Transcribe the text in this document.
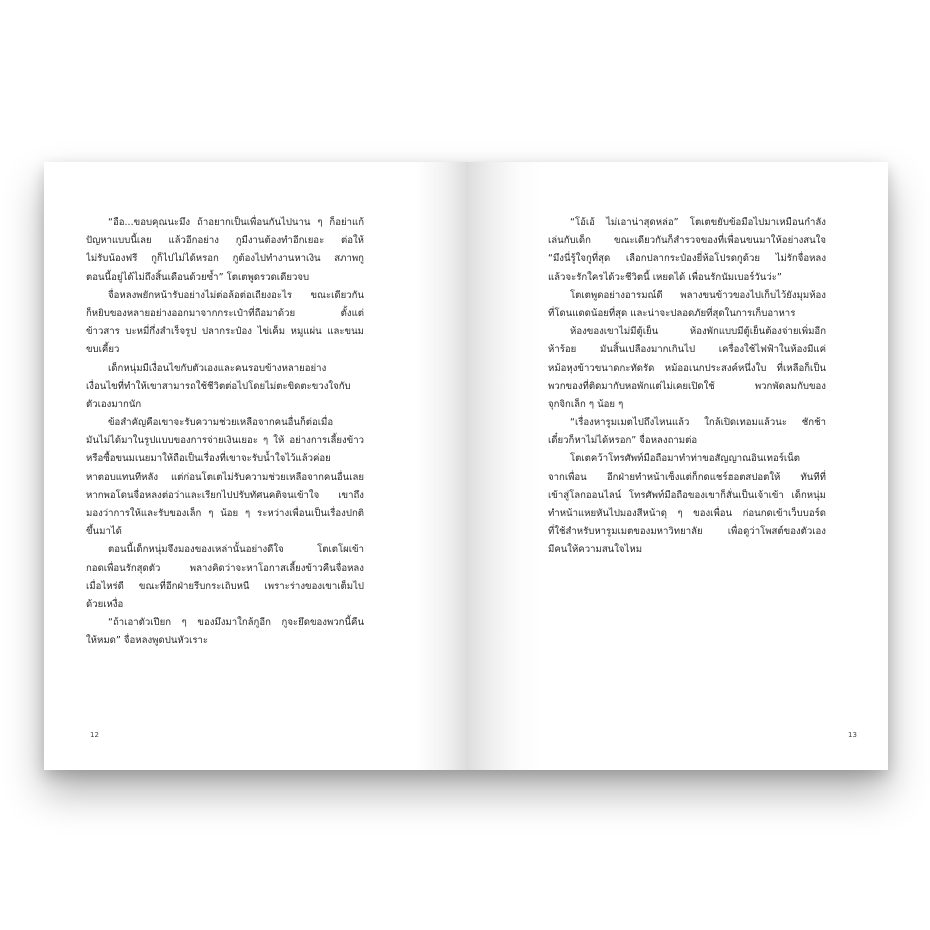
“อือ...ขอบคุณนะมึง ถ้าอยากเป็นเพื่อนกันไปนาน ๆ ก็อย่าแก้
ปัญหาแบบนี้เลย แล้วอีกอย่าง กูมีงานต้องทำอีกเยอะ ต่อให้
ไม่รับน้องฟรี กูก็ไปไม่ได้หรอก กูต้องไปทำงานหาเงิน สภาพกู
ตอนนี้อยู่ได้ไม่ถึงสิ้นเดือนด้วยซ้ำ” โตเตพูดรวดเดียวจบ
จื่อหลงพยักหน้ารับอย่างไม่ต่อล้อต่อเถียงอะไร ขณะเดียวกัน
ก็หยิบของหลายอย่างออกมาจากกระเป๋าที่ถือมาด้วย ตั้งแต่
ข้าวสาร บะหมี่กึ่งสำเร็จรูป ปลากระป๋อง ไข่เค็ม หมูแผ่น และขนม
ขบเคี้ยว
เด็กหนุ่มมีเงื่อนไขกับตัวเองและคนรอบข้างหลายอย่าง
เงื่อนไขที่ทำให้เขาสามารถใช้ชีวิตต่อไปโดยไม่ตะขิดตะขวงใจกับ
ตัวเองมากนัก
ข้อสำคัญคือเขาจะรับความช่วยเหลือจากคนอื่นก็ต่อเมื่อ
มันไม่ได้มาในรูปแบบของการจ่ายเงินเยอะ ๆ ให้ อย่างการเลี้ยงข้าว
หรือซื้อขนมเนยมาให้ถือเป็นเรื่องที่เขาจะรับน้ำใจไว้แล้วค่อย
หาตอบแทนทีหลัง แต่ก่อนโตเตไม่รับความช่วยเหลือจากคนอื่นเลย
หากพอโดนจื่อหลงต่อว่าและเรียกไปปรับทัศนคติจนเข้าใจ เขาถึง
มองว่าการให้และรับของเล็ก ๆ น้อย ๆ ระหว่างเพื่อนเป็นเรื่องปกติ
ขึ้นมาได้
ตอนนี้เด็กหนุ่มจึงมองของเหล่านั้นอย่างดีใจ โตเตโผเข้า
กอดเพื่อนรักสุดตัว พลางคิดว่าจะหาโอกาสเลี้ยงข้าวคืนจื่อหลง
เมื่อไหร่ดี ขณะที่อีกฝ่ายรีบกระเถิบหนี เพราะร่างของเขาเต็มไป
ด้วยเหงื่อ
“ถ้าเอาตัวเปียก ๆ ของมึงมาใกล้กูอีก กูจะยึดของพวกนี้คืน
ให้หมด” จื่อหลงพูดปนหัวเราะ
12
“โอ้เอ้ ไม่เอาน่าสุดหล่อ” โตเตขยับข้อมือไปมาเหมือนกำลัง
เล่นกับเด็ก ขณะเดียวกันก็สำรวจของที่เพื่อนขนมาให้อย่างสนใจ
“มึงนี่รู้ใจกูที่สุด เลือกปลากระป๋องยี่ห้อโปรดกูด้วย ไม่รักจื่อหลง
แล้วจะรักใครได้วะชีวิตนี้ เหยดได้ เพื่อนรักนัมเบอร์วันว่ะ”
โตเตพูดอย่างอารมณ์ดี พลางขนข้าวของไปเก็บไว้ยังมุมห้อง
ที่โดนแดดน้อยที่สุด และน่าจะปลอดภัยที่สุดในการเก็บอาหาร
ห้องของเขาไม่มีตู้เย็น ห้องพักแบบมีตู้เย็นต้องจ่ายเพิ่มอีก
ห้าร้อย มันสิ้นเปลืองมากเกินไป เครื่องใช้ไฟฟ้าในห้องมีแค่
หม้อหุงข้าวขนาดกะทัดรัด หม้ออเนกประสงค์หนึ่งใบ ที่เหลือก็เป็น
พวกของที่ติดมากับหอพักแต่ไม่เคยเปิดใช้ พวกพัดลมกับของ
จุกจิกเล็ก ๆ น้อย ๆ
“เรื่องหารูมเมตไปถึงไหนแล้ว ใกล้เปิดเทอมแล้วนะ ชักช้า
เดี๋ยวก็หาไม่ได้หรอก” จื่อหลงถามต่อ
โตเตคว้าโทรศัพท์มือถือมาทำท่าขอสัญญาณอินเทอร์เน็ต
จากเพื่อน อีกฝ่ายทำหน้าเซ็งแต่ก็กดแชร์ฮอตสปอตให้ ทันทีที่
เข้าสู่โลกออนไลน์ โทรศัพท์มือถือของเขาก็สั่นเป็นเจ้าเข้า เด็กหนุ่ม
ทำหน้าแหยหันไปมองสีหน้าดุ ๆ ของเพื่อน ก่อนกดเข้าเว็บบอร์ด
ที่ใช้สำหรับหารูมเมตของมหาวิทยาลัย เพื่อดูว่าโพสต์ของตัวเอง
มีคนให้ความสนใจไหม
13
